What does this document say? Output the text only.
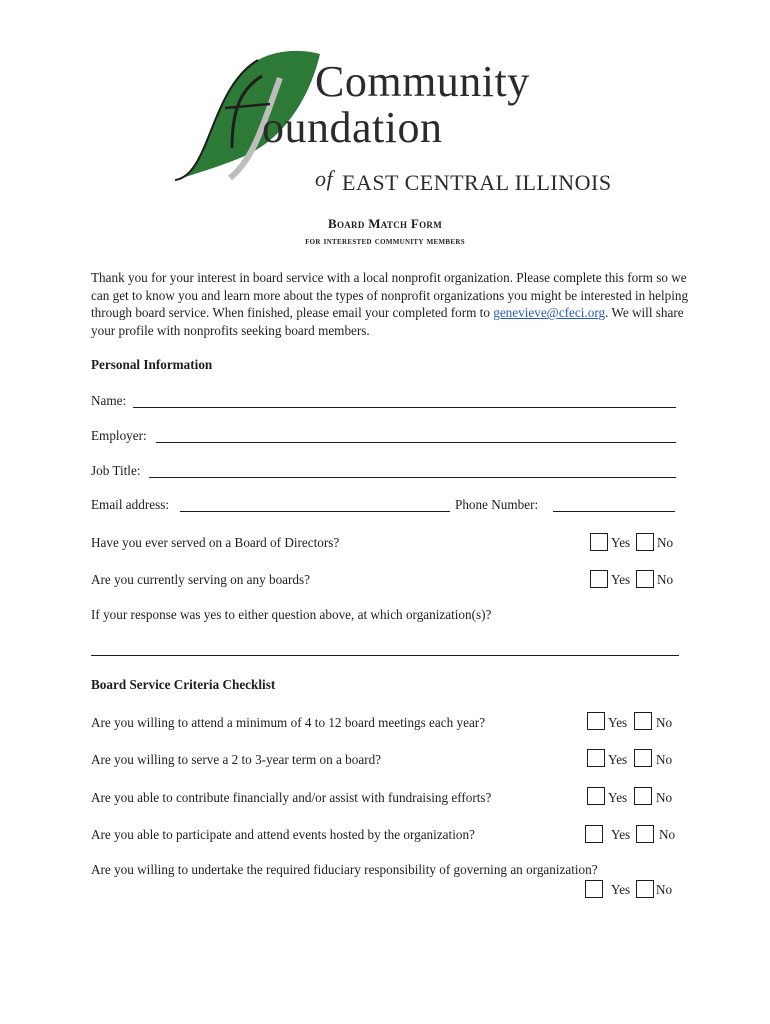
Community
oundation
of EAST CENTRAL ILLINOIS
Board Match Form
for interested community members
Thank you for your interest in board service with a local nonprofit organization. Please complete this form so we can get to know you and learn more about the types of nonprofit organizations you might be interested in helping through board service. When finished, please email your completed form to genevieve@cfeci.org. We will share your profile with nonprofits seeking board members.
Personal Information
Name:
Employer:
Job Title:
Email address:	Phone Number:
Have you ever served on a Board of Directors?	Yes No
Are you currently serving on any boards?	Yes No
If your response was yes to either question above, at which organization(s)?
Board Service Criteria Checklist
Are you willing to attend a minimum of 4 to 12 board meetings each year?	Yes No
Are you willing to serve a 2 to 3-year term on a board?	Yes No
Are you able to contribute financially and/or assist with fundraising efforts?	Yes No
Are you able to participate and attend events hosted by the organization?	Yes No
Are you willing to undertake the required fiduciary responsibility of governing an organization?
Yes No
